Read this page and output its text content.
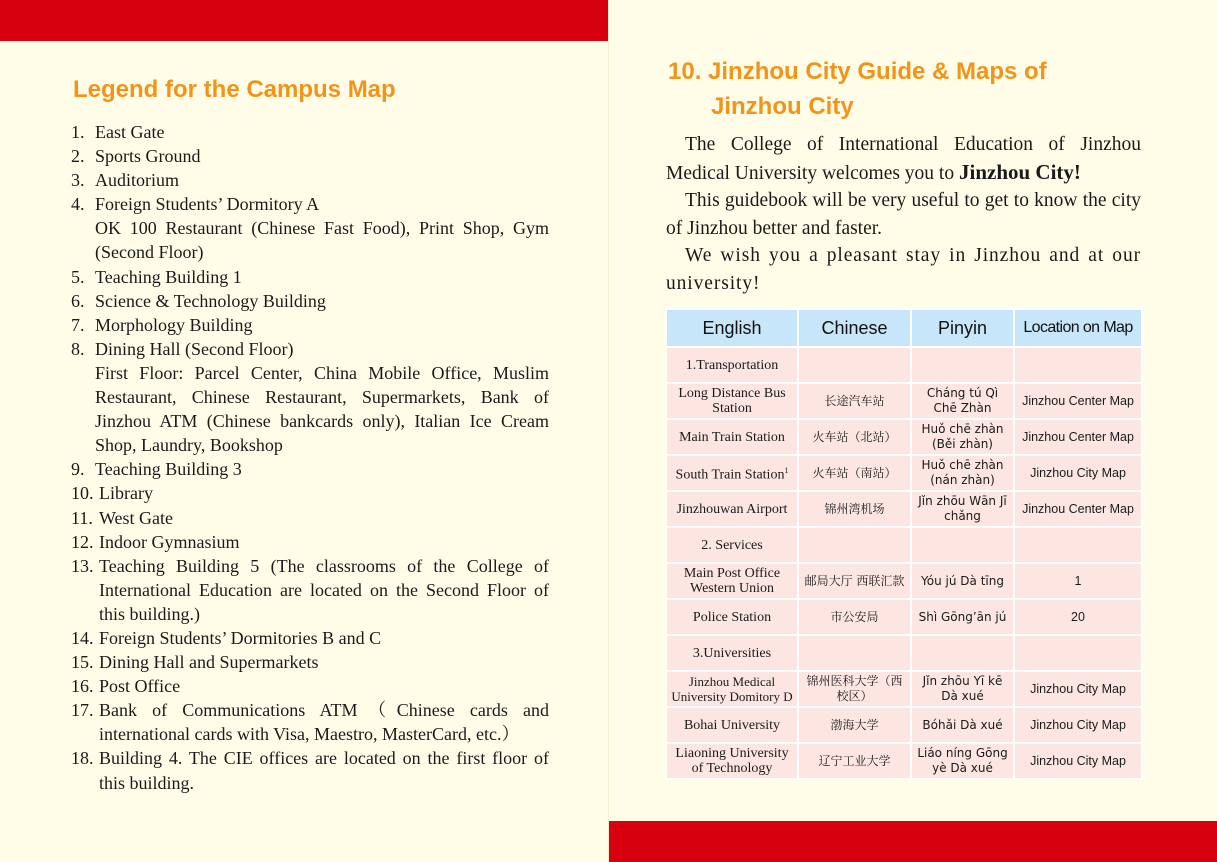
Legend for the Campus Map
1. East Gate
2. Sports Ground
3. Auditorium
4. Foreign Students’ Dormitory A
OK 100 Restaurant (Chinese Fast Food), Print Shop, Gym (Second Floor)
5. Teaching Building 1
6. Science & Technology Building
7. Morphology Building
8. Dining Hall (Second Floor)
First Floor: Parcel Center, China Mobile Office, Muslim Restaurant, Chinese Restaurant, Supermarkets, Bank of Jinzhou ATM (Chinese bankcards only), Italian Ice Cream Shop, Laundry, Bookshop
9. Teaching Building 3
10. Library
11. West Gate
12. Indoor Gymnasium
13. Teaching Building 5 (The classrooms of the College of International Education are located on the Second Floor of this building.)
14. Foreign Students’ Dormitories B and C
15. Dining Hall and Supermarkets
16. Post Office
17. Bank of Communications ATM（Chinese cards and international cards with Visa, Maestro, MasterCard, etc.）
18. Building 4. The CIE offices are located on the first floor of this building.
10. Jinzhou City Guide & Maps of
Jinzhou City

The College of International Education of Jinzhou Medical University welcomes you to Jinzhou City!

This guidebook will be very useful to get to know the city of Jinzhou better and faster.

We wish you a pleasant stay in Jinzhou and at our university!

English	Chinese	Pinyin	Location on Map
1.Transportation			
Long Distance Bus Station	长途汽车站	Cháng tú Qì Chē Zhàn	Jinzhou Center Map
Main Train Station	火车站（北站）	Huǒ chē zhàn (Běi zhàn)	Jinzhou Center Map
South Train Station$^1$	火车站（南站）	Huǒ chē zhàn (nán zhàn)	Jinzhou City Map
Jinzhouwan Airport	锦州湾机场	Jǐn zhōu Wān Jī chǎng	Jinzhou Center Map
2. Services			
Main Post Office Western Union	邮局大厅 西联汇款	Yóu jú Dà tīng	1
Police Station	市公安局	Shì Gōng’ān jú	20
3.Universities			
Jinzhou Medical University Domitory D	锦州医科大学（西校区）	Jǐn zhōu Yī kē Dà xué	Jinzhou City Map
Bohai University	渤海大学	Bóhǎi Dà xué	Jinzhou City Map
Liaoning University of Technology	辽宁工业大学	Liáo níng Gōng yè Dà xué	Jinzhou City Map
